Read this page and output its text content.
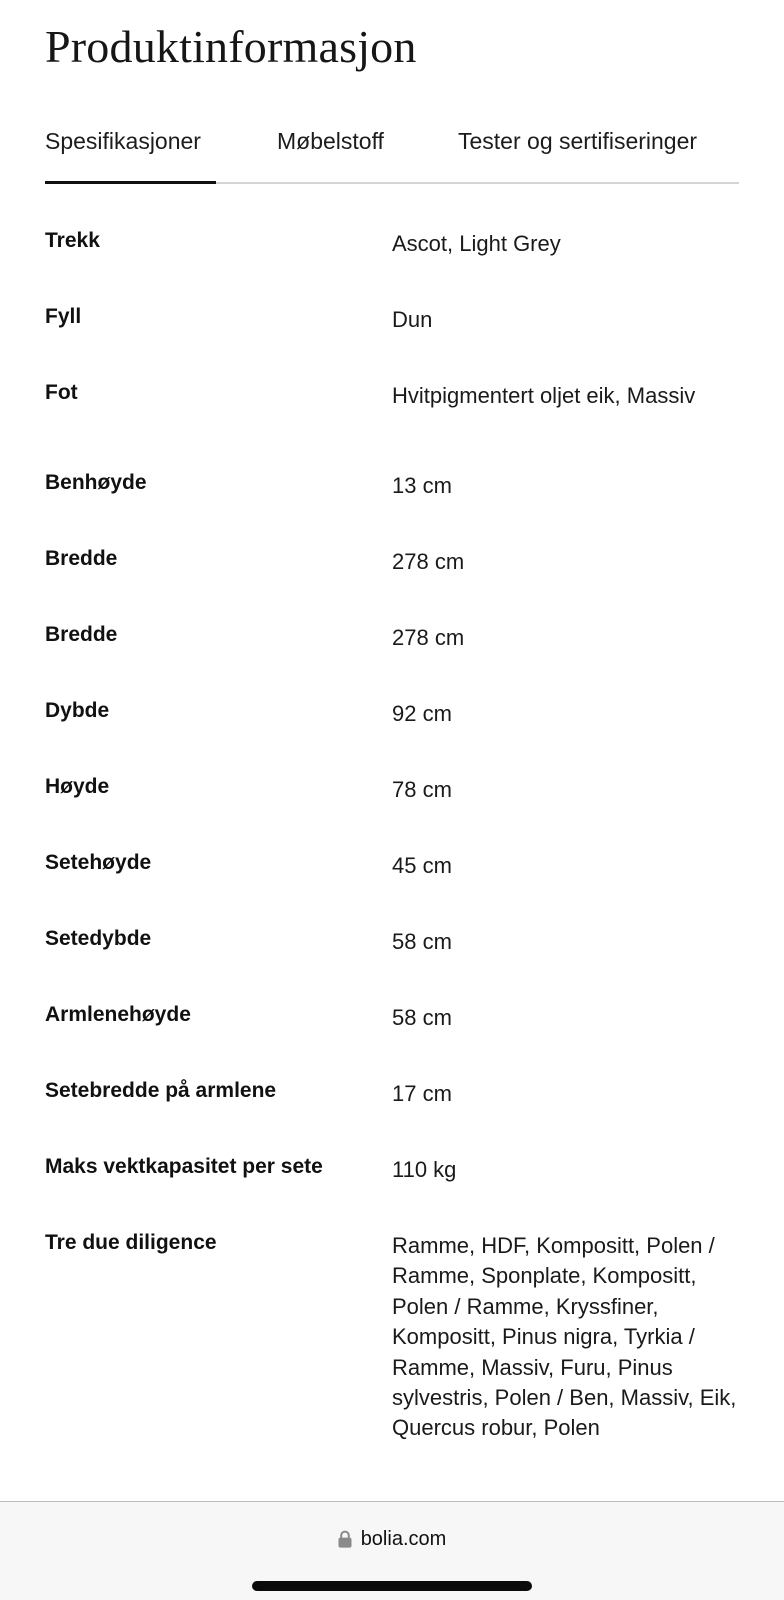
Produktinformasjon
Spesifikasjoner	Møbelstoff	Tester og sertifiseringer
Trekk	Ascot, Light Grey
Fyll	Dun
Fot	Hvitpigmentert oljet eik, Massiv
Benhøyde	13 cm
Bredde	278 cm
Bredde	278 cm
Dybde	92 cm
Høyde	78 cm
Setehøyde	45 cm
Setedybde	58 cm
Armlenehøyde	58 cm
Setebredde på armlene	17 cm
Maks vektkapasitet per sete	110 kg
Tre due diligence	Ramme, HDF, Kompositt, Polen / Ramme, Sponplate, Kompositt, Polen / Ramme, Kryssfiner, Kompositt, Pinus nigra, Tyrkia / Ramme, Massiv, Furu, Pinus sylvestris, Polen / Ben, Massiv, Eik, Quercus robur, Polen
bolia.com
